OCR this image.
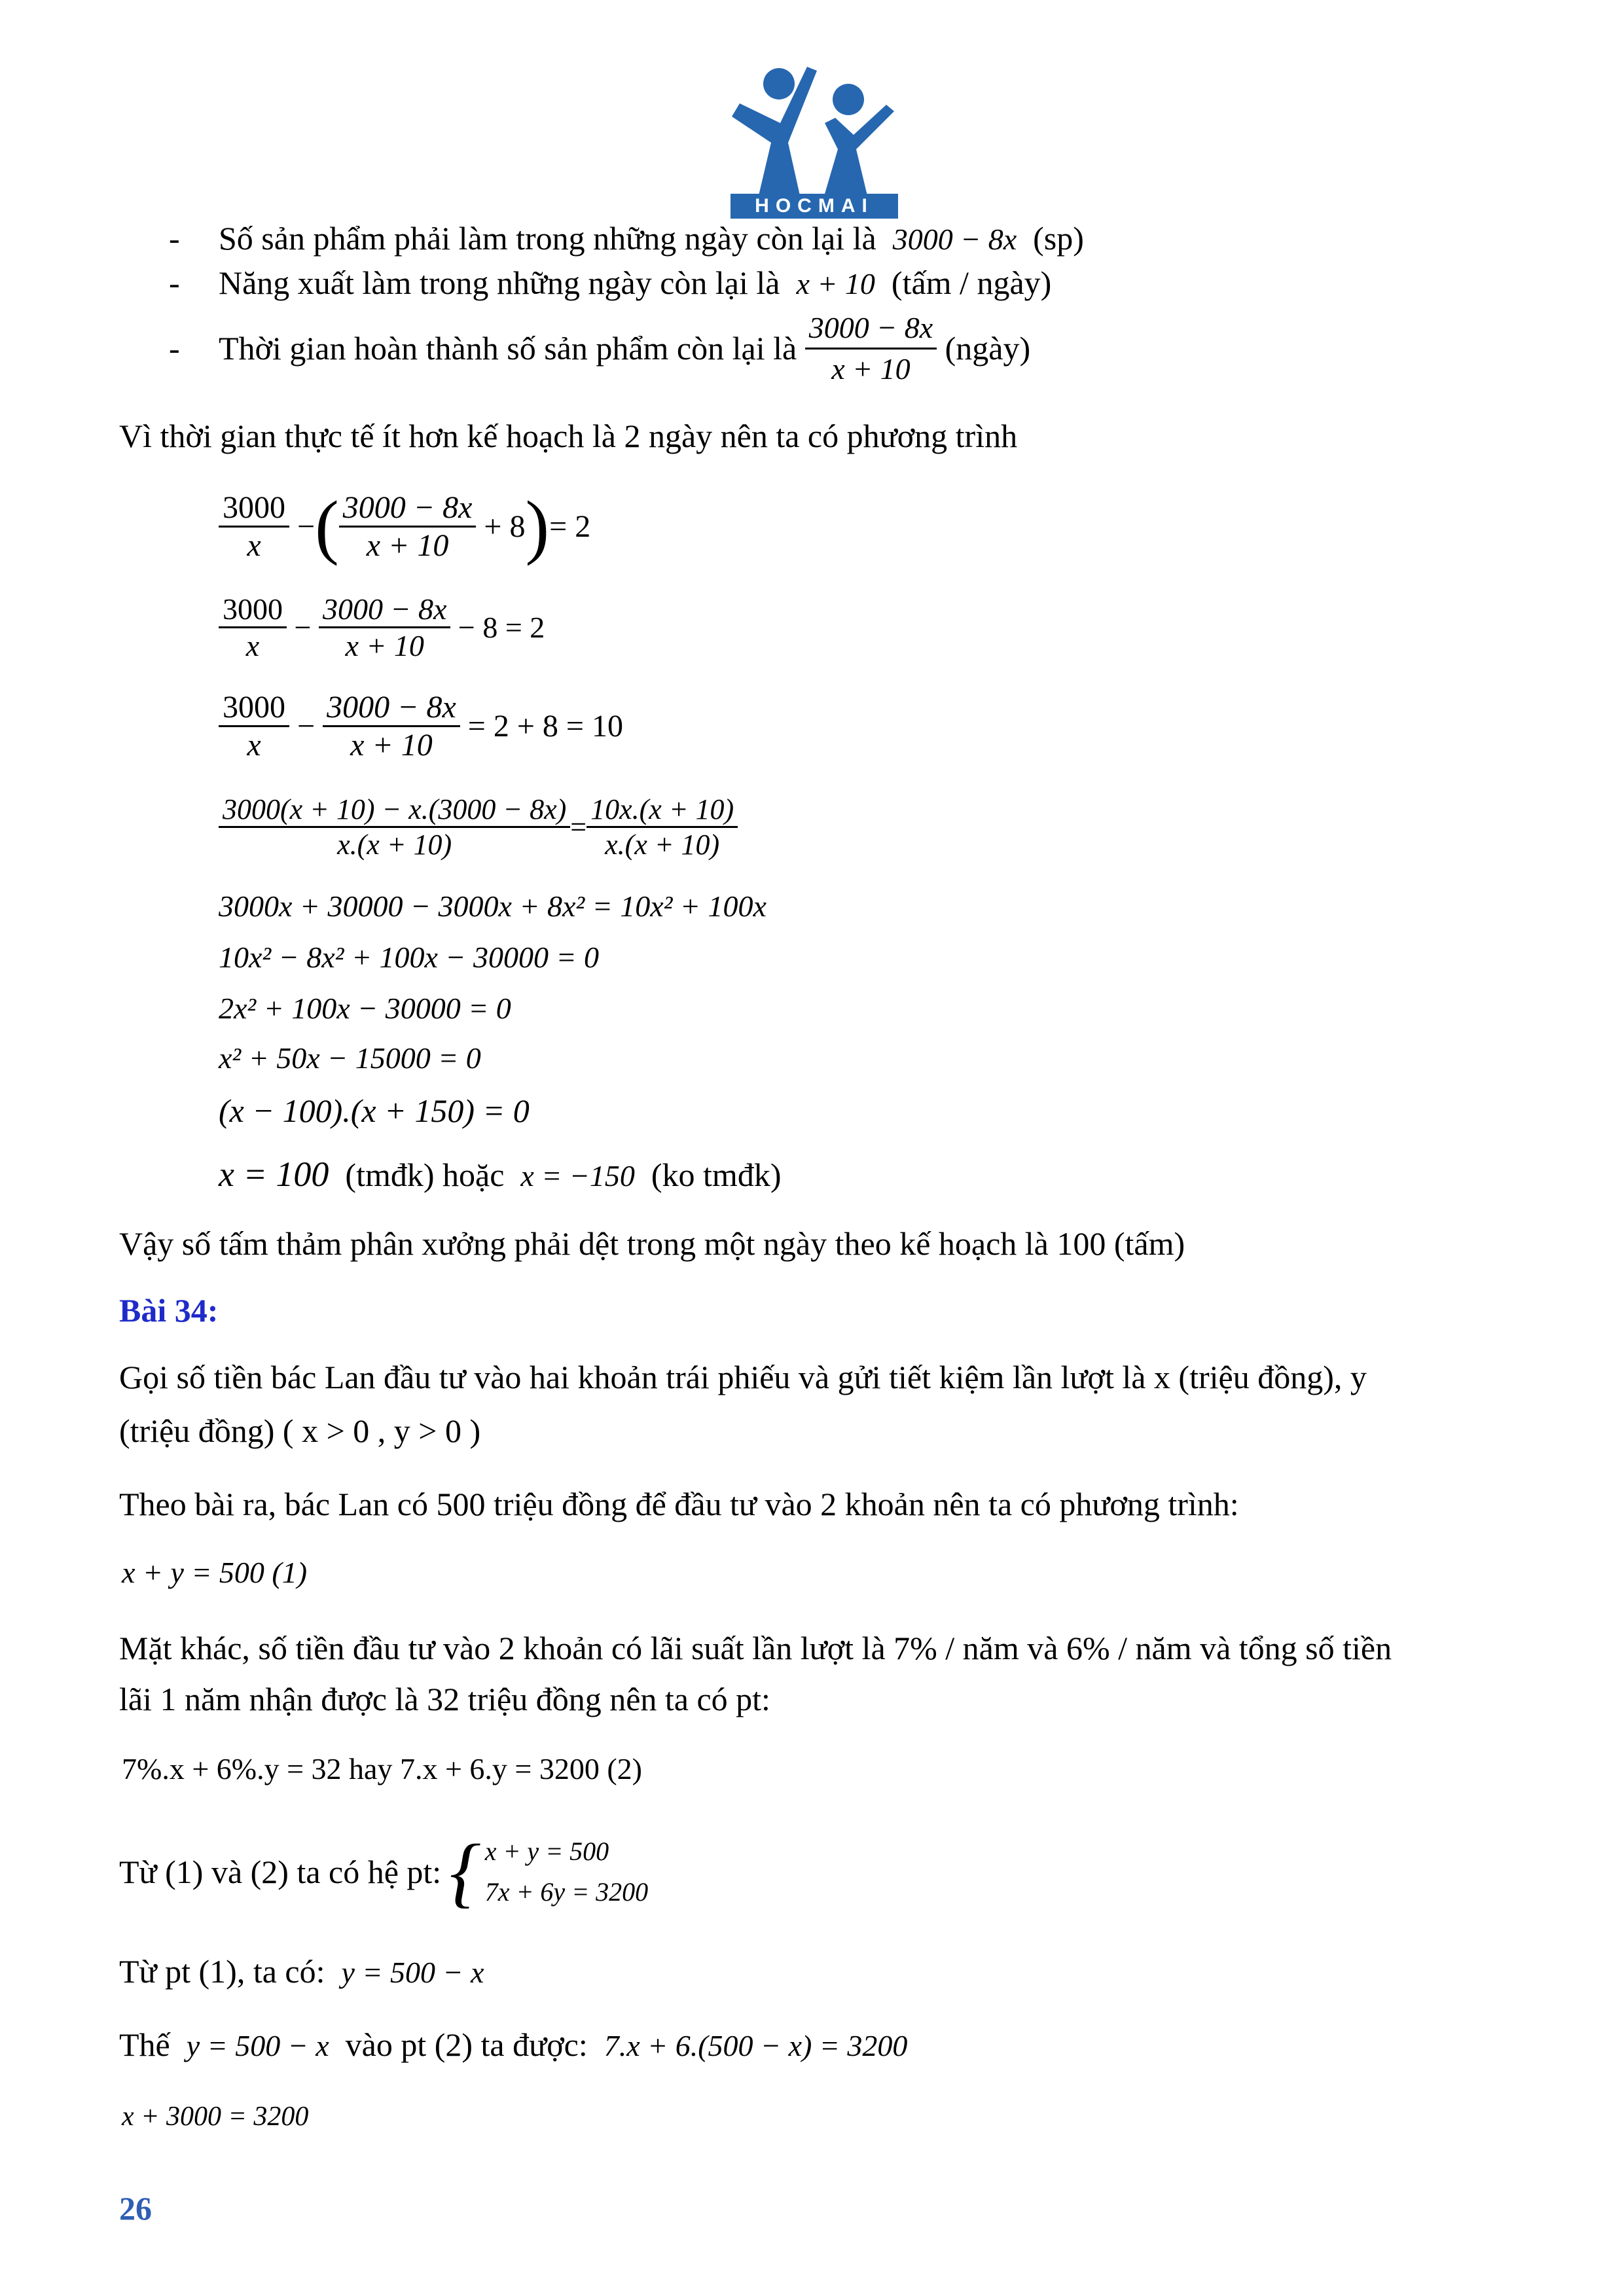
HOCMAI
- Số sản phẩm phải làm trong những ngày còn lại là 3000 − 8x (sp)
- Năng xuất làm trong những ngày còn lại là x + 10 (tấm / ngày)
-	Thời gian hoàn thành số sản phẩm còn lại là
$\frac{3000 - 8x}{x + 10}$
(ngày)
Vì thời gian thực tế ít hơn kế hoạch là 2 ngày nên ta có phương trình
$\frac{3000}{x}$ − ( $\frac{3000 - 8x}{x + 10}$
+ 8 ) = 2
$\frac{3000}{x} - \frac{3000 - 8x}{x + 10}$
− 8 = 2
$\frac{3000}{x} - \frac{3000 - 8x}{x + 10}$
= 2 + 8 = 10
$\frac{3000(x + 10) - x.(3000 - 8x)}{x.(x + 10)} = \frac{10x.(x + 10)}{x.(x + 10)}$
3000x + 30000 − 3000x + 8x² = 10x² + 100x
10x² − 8x² + 100x − 30000 = 0
2x² + 100x − 30000 = 0
x² + 50x − 15000 = 0
(x − 100).(x + 150) = 0
x = 100 (tmđk) hoặc x = −150 (ko tmđk)
Vậy số tấm thảm phân xưởng phải dệt trong một ngày theo kế hoạch là 100 (tấm)
Bài 34:
Gọi số tiền bác Lan đầu tư vào hai khoản trái phiếu và gửi tiết kiệm lần lượt là x (triệu đồng), y
(triệu đồng) ( x > 0 , y > 0 )
Theo bài ra, bác Lan có 500 triệu đồng để đầu tư vào 2 khoản nên ta có phương trình:
x + y = 500 (1)
Mặt khác, số tiền đầu tư vào 2 khoản có lãi suất lần lượt là 7% / năm và 6% / năm và tổng số tiền
lãi 1 năm nhận được là 32 triệu đồng nên ta có pt:
7%.x + 6%.y = 32 hay 7.x + 6.y = 3200 (2)
Từ (1) và (2) ta có hệ pt:
{ x + y = 500
7x + 6y = 3200
Từ pt (1), ta có: y = 500 − x
Thế y = 500 − x vào pt (2) ta được: 7.x + 6.(500 − x) = 3200
x + 3000 = 3200
26
